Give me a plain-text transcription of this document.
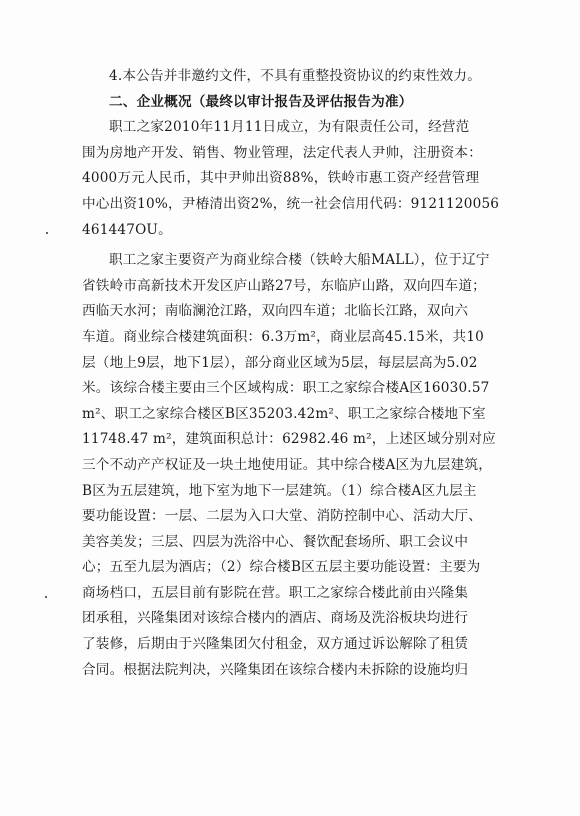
4.本公告并非邀约文件，不具有重整投资协议的约束性效力。
二、企业概况（最终以审计报告及评估报告为准）
职工之家2010年11月11日成立，为有限责任公司，经营范
围为房地产开发、销售、物业管理，法定代表人尹帅，注册资本：
4000万元人民币，其中尹帅出资88%，铁岭市惠工资产经营管理
中心出资10%，尹椿清出资2%，统一社会信用代码：9121120056
461447OU。
职工之家主要资产为商业综合楼（铁岭大船MALL），位于辽宁
省铁岭市高新技术开发区庐山路27号，东临庐山路，双向四车道；
西临天水河；南临澜沧江路，双向四车道；北临长江路，双向六
车道。商业综合楼建筑面积：6.3万m²，商业层高45.15米，共10
层（地上9层，地下1层），部分商业区域为5层，每层层高为5.02
米。该综合楼主要由三个区域构成：职工之家综合楼A区16030.57
m²、职工之家综合楼区B区35203.42m²、职工之家综合楼地下室
11748.47 m²，建筑面积总计：62982.46 m²，上述区域分别对应
三个不动产产权证及一块土地使用证。其中综合楼A区为九层建筑，
B区为五层建筑，地下室为地下一层建筑。（1）综合楼A区九层主
要功能设置：一层、二层为入口大堂、消防控制中心、活动大厅、
美容美发；三层、四层为洗浴中心、餐饮配套场所、职工会议中
心；五至九层为酒店；（2）综合楼B区五层主要功能设置：主要为
商场档口，五层目前有影院在营。职工之家综合楼此前由兴隆集
团承租，兴隆集团对该综合楼内的酒店、商场及洗浴板块均进行
了装修，后期由于兴隆集团欠付租金，双方通过诉讼解除了租赁
合同。根据法院判决，兴隆集团在该综合楼内未拆除的设施均归
